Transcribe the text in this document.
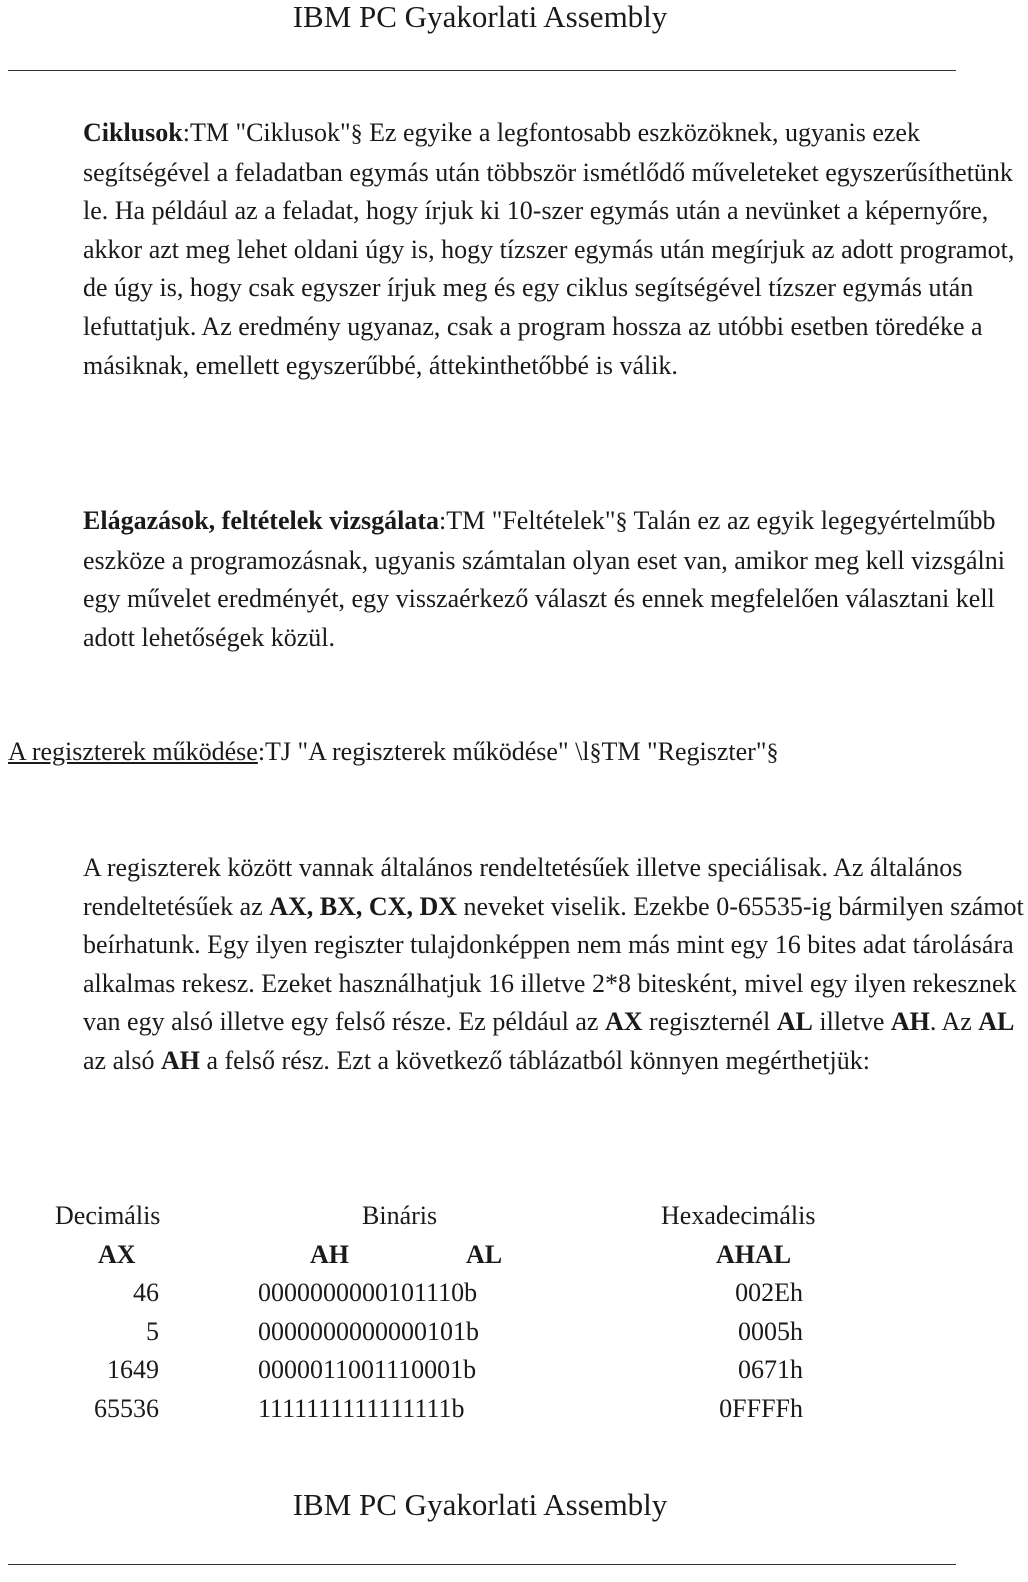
IBM PC Gyakorlati Assembly

Ciklusok:TM "Ciklusok"§ Ez egyike a legfontosabb eszközöknek, ugyanis ezek segítségével a feladatban egymás után többször ismétlődő műveleteket egyszerűsíthetünk le. Ha például az a feladat, hogy írjuk ki 10-szer egymás után a nevünket a képernyőre, akkor azt meg lehet oldani úgy is, hogy tízszer egymás után megírjuk az adott programot, de úgy is, hogy csak egyszer írjuk meg és egy ciklus segítségével tízszer egymás után lefuttatjuk. Az eredmény ugyanaz, csak a program hossza az utóbbi esetben töredéke a másiknak, emellett egyszerűbbé, áttekinthetőbbé is válik.

Elágazások, feltételek vizsgálata:TM "Feltételek"§ Talán ez az egyik legegyértelműbb eszköze a programozásnak, ugyanis számtalan olyan eset van, amikor meg kell vizsgálni egy művelet eredményét, egy visszaérkező választ és ennek megfelelően választani kell adott lehetőségek közül.

A regiszterek működése:TJ "A regiszterek működése" \l§TM "Regiszter"§

A regiszterek között vannak általános rendeltetésűek illetve speciálisak. Az általános rendeltetésűek az AX, BX, CX, DX neveket viselik. Ezekbe 0-65535-ig bármilyen számot beírhatunk. Egy ilyen regiszter tulajdonképpen nem más mint egy 16 bites adat tárolására alkalmas rekesz. Ezeket használhatjuk 16 illetve 2*8 bitesként, mivel egy ilyen rekesznek van egy alsó illetve egy felső része. Ez például az AX regiszternél AL illetve AH. Az AL az alsó AH a felső rész. Ezt a következő táblázatból könnyen megérthetjük:

Decimális	Bináris	Hexadecimális
AX	AH	AL	AHAL
46	0000000000101110b	002Eh
5	0000000000000101b	0005h
1649	0000011001110001b	0671h
65536	1111111111111111b	0FFFFh
IBM PC Gyakorlati Assembly
